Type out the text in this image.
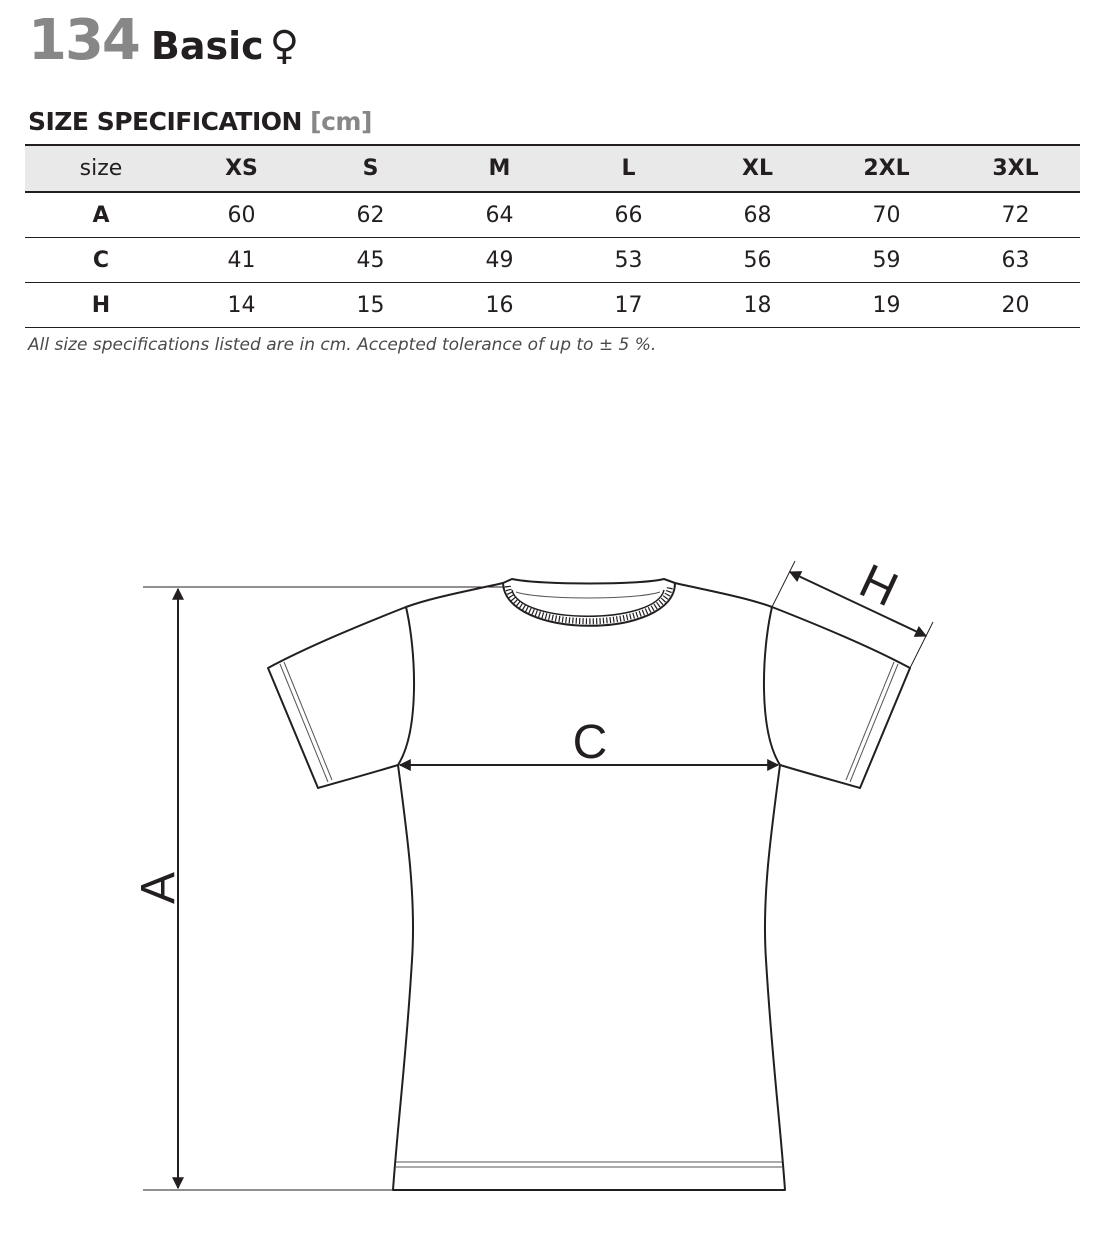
134 Basic ♀
SIZE SPECIFICATION [cm]
size	XS	S	M	L	XL	2XL	3XL
A	60	62	64	66	68	70	72
C	41	45	49	53	56	59	63
H	14	15	16	17	18	19	20
All size specifications listed are in cm. Accepted tolerance of up to ± 5 %.
A
C
H
